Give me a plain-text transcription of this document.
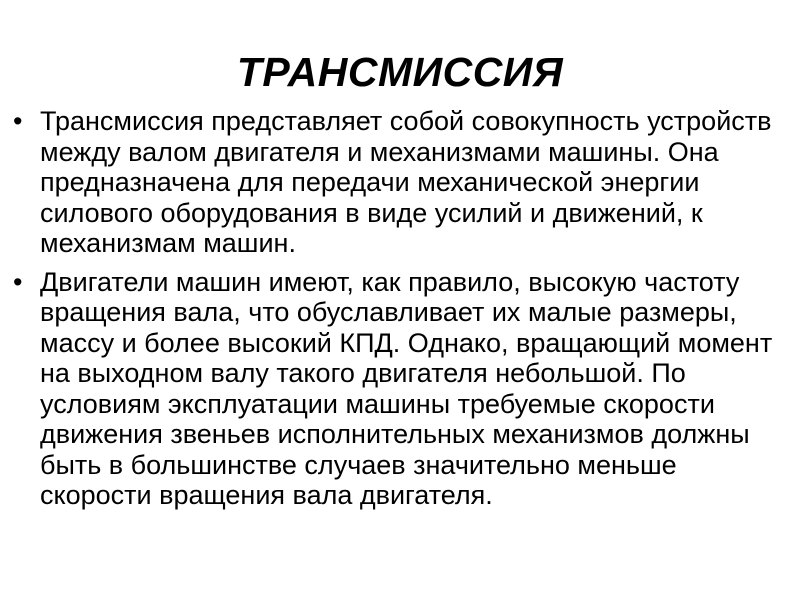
ТРАНСМИССИЯ
• Трансмиссия представляет собой совокупность устройств между валом двигателя и механизмами машины. Она предназначена для передачи механической энергии силового оборудования в виде усилий и движений, к механизмам машин.
• Двигатели машин имеют, как правило, высокую частоту вращения вала, что обуславливает их малые размеры, массу и более высокий КПД. Однако, вращающий момент на выходном валу такого двигателя небольшой. По условиям эксплуатации машины требуемые скорости движения звеньев исполнительных механизмов должны быть в большинстве случаев значительно меньше скорости вращения вала двигателя.
